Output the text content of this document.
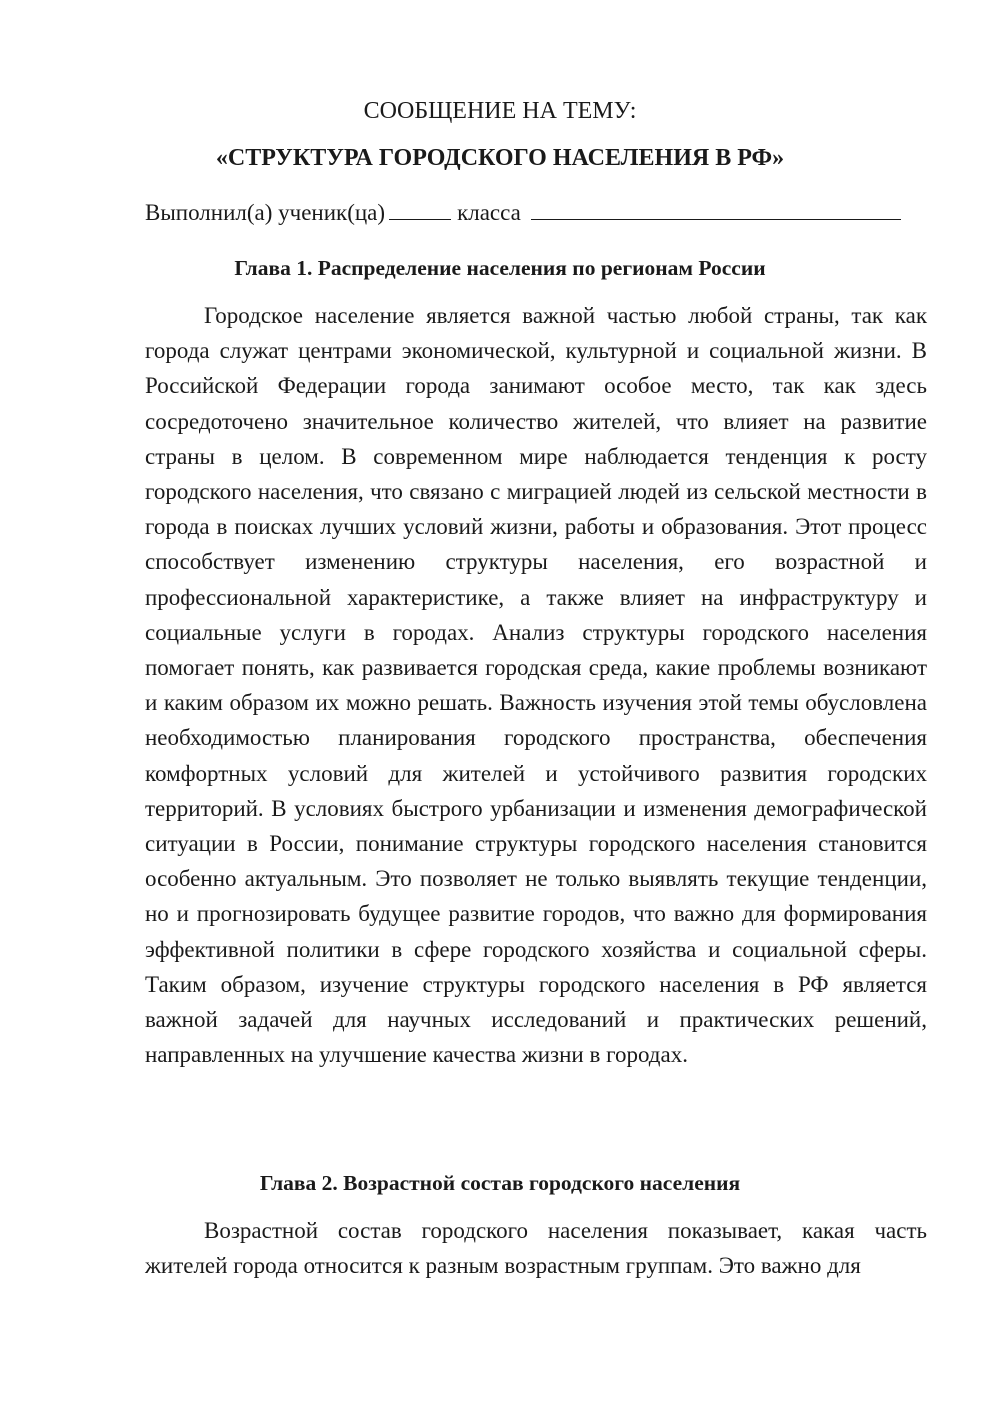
СООБЩЕНИЕ НА ТЕМУ:
«СТРУКТУРА ГОРОДСКОГО НАСЕЛЕНИЯ В РФ»
Выполнил(а) ученик(ца)	класса
Глава 1. Распределение населения по регионам России

Городское население является важной частью любой страны, так как города служат центрами экономической, культурной и социальной жизни. В Российской Федерации города занимают особое место, так как здесь сосредоточено значительное количество жителей, что влияет на развитие страны в целом. В современном мире наблюдается тенденция к росту городского населения, что связано с миграцией людей из сельской местности в города в поисках лучших условий жизни, работы и образования. Этот процесс способствует изменению структуры населения, его возрастной и профессиональной характеристике, а также влияет на инфраструктуру и социальные услуги в городах. Анализ структуры городского населения помогает понять, как развивается городская среда, какие проблемы возникают и каким образом их можно решать. Важность изучения этой темы обусловлена необходимостью планирования городского пространства, обеспечения комфортных условий для жителей и устойчивого развития городских территорий. В условиях быстрого урбанизации и изменения демографической ситуации в России, понимание структуры городского населения становится особенно актуальным. Это позволяет не только выявлять текущие тенденции, но и прогнозировать будущее развитие городов, что важно для формирования эффективной политики в сфере городского хозяйства и социальной сферы. Таким образом, изучение структуры городского населения в РФ является важной задачей для научных исследований и практических решений, направленных на улучшение качества жизни в городах.

Глава 2. Возрастной состав городского населения

Возрастной состав городского населения показывает, какая часть жителей города относится к разным возрастным группам. Это важно для
